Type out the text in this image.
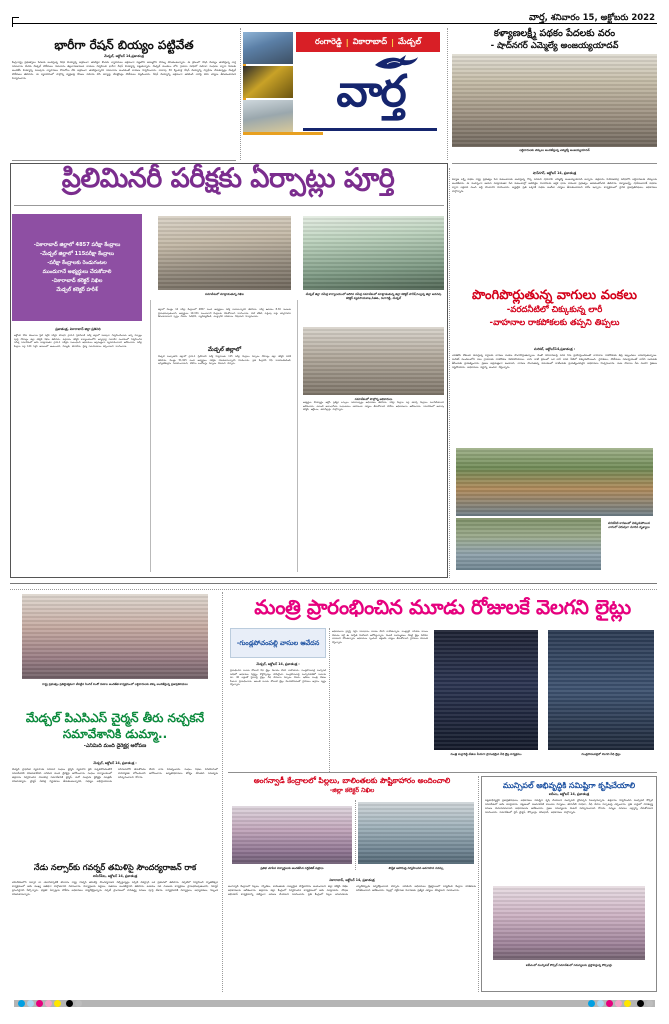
వార్త, శనివారం 15, అక్టోబరు 2022
రంగారెడ్డి | వికారాబాద్ | మేడ్చల్
వార్త
భారీగా రేషన్ బియ్యం పట్టివేత
మేడ్చల్, అక్టోబర్ 14,ప్రజాతంత్ర
కేంద్ర,రాష్ట్ర ప్రభుత్వాలు పేదలకు అందిస్తున్న రేషన్ బియ్యాన్ని అక్రమంగా తరలిస్తూ కొందరు వ్యాపారులు అక్రమంగా పట్టుకొని అమ్ముకొని సొమ్ము చేసుకుంటున్నారు. ఈ క్రమంలో రేషన్ బియ్యం తరలిస్తున్న వార్త సమాచారం మేరకు మేడ్చల్ పోలీసులు గురువారం తెల్లవారుజామున దాడులు నిర్వహించి భారీగా రేషన్ బియ్యాన్ని పట్టుకున్నారు. మేడ్చల్ మండలం లోని గ్రామాల పరిధిలో మహిళా సంఘాల ద్వారా పేదలకు అందజేసే బియ్యాన్ని పలువురు వ్యాపారులు కొనుగోలు చేసి అక్రమంగా తరలిస్తున్నారని సమాచారం అందడంతో దాడులు నిర్వహించారు. దాదాపు 30 క్వింటాళ్ల రేషన్ బియ్యాన్ని స్వాధీనం చేసుకున్నట్లు మేడ్చల్ పోలీసులు తెలిపారు. ఈ వ్యవహారంలో పాల్గొన్న వ్యక్తులపై కేసులు నమోదు చేసి దర్యాప్తు చేపట్టినట్లు పోలీసులు వెల్లడించారు. రేషన్ బియ్యాన్ని అక్రమంగా తరలించే వారిపై కఠిన చర్యలు తీసుకుంటామని హెచ్చరించారు.
కళ్యాణలక్ష్మీ పథకం పేదలకు వరం
- షాద్‌నగర్ ఎమ్మెల్యే అంజయ్యయాదవ్
లబ్ధిదారులకు చెక్కులు అందజేస్తున్న ఎమ్మెల్యే అంజయ్యయాదవ్
ప్రిలిమినరీ పరీక్షకు ఏర్పాట్లు పూర్తి
-వికారాబాద్ జిల్లాలో 4857 పరీక్షా కేంద్రాలు
-మేడ్చల్ జిల్లాలో 115పరీక్షా కేంద్రాలు
-పరీక్షా కేంద్రాలకు రెండుగంటల
ముందుగానే అభ్యర్థులు చేరుకోవాలి
-వికారాబాద్ కలెక్టర్ నిఖిల
మేడ్చల్ కలెక్టర్ హరీశ్
సమావేశంలో మాట్లాడుతున్న నిఖిల	మేడ్చల్ జిల్లా సమీక్ష కార్యాలయంలో జరిగిన సమీక్ష సమావేశంలో మాట్లాడుతున్న జిల్లా కలెక్టర్ హరీశ్,సెల్వన్న జిల్లా అదనపు కలెక్టర్ వ్యవసాయశాఖ,సిఈఓ, రంగారెడ్డి, మేడ్చల్
సమావేశంలో పాల్గొన్న అధికారులు
ప్రజాతంత్ర, వికారాబాద్ జిల్లా ప్రతినిధి
అక్టోబర్ 16న తెలంగాణ స్టేట్ పబ్లిక్ సర్వీస్ కమిషన్ గ్రూప్-1 ప్రిలిమినరీ పరీక్ష జిల్లాలో సజావుగా నిర్వహించేందుకు అన్ని ఏర్పాట్లు పూర్తి చేసినట్లు జిల్లా కలెక్టర్ నిఖిల తెలిపారు. శుక్రవారం కలెక్టర్ కార్యాలయంలోని అన్నపూర్ణ సమావేశ మందిరంలో నిర్వహించిన సమీక్ష సమావేశంలో ఆమె మాట్లాడుతూ గ్రూప్-1 పరీక్షకు సంబంధించి అధికారులు అప్రమత్తంగా వ్యవహరించాలని ఆదేశించారు. పరీక్షా కేంద్రాల వద్ద 144 సెక్షన్ అమలులో ఉంటుందని, విద్యుత్, తాగునీరు, వైద్య సదుపాయాలు కల్పించాలని సూచించారు.
జిల్లాలో మొత్తం 14 పరీక్షా కేంద్రాలలో 4857 మంది అభ్యర్థులు పరీక్ష రాయనున్నారని తెలిపారు. పరీక్ష ఉదయం 8.30 గంటలకు ప్రారంభమవుతుందని, అభ్యర్థులు 10-15ని ముందుగానే కేంద్రాలకు చేరుకోవాలని సూచించారు. హాల్ టికెట్, గుర్తింపు కార్డు తప్పనిసరిగా తీసుకురావాలని స్పష్టం చేశారు. సెల్‌ఫోన్, క్యాలిక్యులేటర్, ఎలక్ట్రానిక్ పరికరాలు నిషేధమని హెచ్చరించారు.
మేడ్చల్ జిల్లాలో
మేడ్చల్ మల్కాజిగిరి జిల్లాలో గ్రూప్-1 ప్రిలిమినరీ పరీక్ష నిర్వహణకు 115 పరీక్షా కేంద్రాలు ఏర్పాటు చేసినట్లు జిల్లా కలెక్టర్ హరీశ్ తెలిపారు. మొత్తం 51,915 మంది అభ్యర్థులు పరీక్షకు హాజరుకానున్నారని వివరించారు. ప్రతి కేంద్రానికి చీఫ్ సూపరింటెండెంట్, ఇన్విజిలేటర్లను నియమించామని, పోలీసు బందోబస్తు ఏర్పాటు చేశామని చెప్పారు.
అభ్యర్థుల సౌకర్యార్థం ఆర్టీసీ ప్రత్యేక బస్సులు నడపనున్నట్లు అధికారులు తెలిపారు. పరీక్షా కేంద్రాల వద్ద జిరాక్స్ కేంద్రాలు మూసివేయాలని ఆదేశించారు. ఎలాంటి అవాంఛనీయ సంఘటనలు జరగకుండా చర్యలు తీసుకోవాలని పోలీసు అధికారులను ఆదేశించారు. సమావేశంలో అదనపు కలెక్టర్, ఆర్డీఓలు, తహసీల్దార్లు పాల్గొన్నారు.
షాద్‌నగర్, అక్టోబర్ 14, ప్రజాతంత్ర
కళ్యాణ లక్ష్మీ పథకం రాష్ట్ర ప్రభుత్వం పేద కుటుంబాలకు అందిస్తున్న గొప్ప వరమని షాద్‌నగర్ ఎమ్మెల్యే అంజయ్యయాదవ్ అన్నారు. శుక్రవారం నియోజకవర్గ పరిధిలోని లబ్ధిదారులకు చెక్కులను అందజేశారు. ఈ సందర్భంగా ఆయన మాట్లాడుతూ పేద కుటుంబాల్లో ఆడబిడ్డల వివాహాలకు ఆర్థిక భారం కాకుండా ప్రభుత్వం ఆదుకుంటోందని తెలిపారు. కళ్యాణలక్ష్మీ, షాదీముబారక్ పథకాల ద్వారా లక్షలాది మంది లబ్ధి పొందారని వివరించారు. అర్హులైన ప్రతి ఒక్కరికీ పథకం అందేలా చర్యలు తీసుకుంటామని హామీ ఇచ్చారు. కార్యక్రమంలో స్థానిక ప్రజాప్రతినిధులు, అధికారులు పాల్గొన్నారు.
పొంగిపొర్లుతున్న వాగులు వంకలు
-వరదనీటిలో చిక్కుకున్న లారీ
-వాహనాల రాకపోకలకు తప్పని తిప్పలు
మరికల్, అక్టోబర్14,ప్రజాతంత్ర :
ఎడతెరిపి లేకుండా కురుస్తున్న వర్షాలకు వాగులు వంకలు పొంగిపొర్లుతున్నాయి. దీంతో రహదారులపై వరద నీరు ప్రవహిస్తుండటంతో వాహనాల రాకపోకలకు తీవ్ర ఇబ్బందులు ఎదురవుతున్నాయి. మరికల్ మండలంలోని పలు గ్రామాలకు రాకపోకలు నిలిచిపోయాయి. వాగు దాటే క్రమంలో ఒక లారీ వరద నీటిలో చిక్కుకుపోయింది. స్థానికులు, పోలీసులు సమన్వయంతో లారీని బయటకు తీసేందుకు ప్రయత్నించారు. ప్రజలు అప్రమత్తంగా ఉండాలని, వాగులు పొంగుతున్న సమయంలో దాటేందుకు ప్రయత్నించవద్దని అధికారులు హెచ్చరించారు. పంట పొలాలు నీట మునిగి రైతులు నష్టపోయారు. అధికారులు నష్టాన్ని అంచనా వేస్తున్నారు.
వరదనీటి కారణంలో చిక్కుకుపోయిన వాగులో చెరువుగా మారిన దృశ్యాలు
రాష్ట్ర ప్రభుత్వం ప్రతిష్టాత్మకంగా చేపట్టిన సింగిల్ విండో రుణాల అందజేత కార్యక్రమంలో లబ్ధిదారులకు చెక్కు అందజేస్తున్న ప్రజాప్రతినిధులు
మేడ్చల్ పిఎసిఎస్ చైర్మన్ తీరు నచ్చకనే
సమావేశానికి డుమ్మా..
-ఎనిమిది మంది డైరెక్టర్ల ఆరోపణ
మేడ్చల్, అక్టోబర్ 14, ప్రజాతంత్ర :
మేడ్చల్ ప్రాథమిక వ్యవసాయ సహకార సంఘం చైర్మన్ వ్యవహార శైలి నచ్చకపోవడంతోనే సమావేశానికి హాజరుకాలేదని ఎనిమిది మంది డైరెక్టర్లు ఆరోపించారు. సంఘం కార్యాలయంలో శుక్రవారం నిర్వహించిన పాలకవర్గ సమావేశానికి చైర్మన్, మరో ముగ్గురు డైరెక్టర్లు మాత్రమే హాజరయ్యారు. చైర్మన్ ఏకపక్ష నిర్ణయాలు తీసుకుంటున్నారని, సభ్యుల అభిప్రాయాలను పరిగణనలోకి తీసుకోవడం లేదని వారు విమర్శించారు. సంఘం నిధుల వినియోగంలో పారదర్శకత లోపించిందని ఆరోపించారు. ఉన్నతాధికారులు జోక్యం చేసుకుని సమస్యను పరిష్కరించాలని కోరారు.
నేడు నల్సార్‌కు గవర్నర్ తమిళిసై సౌందర్యరాజన్ రాక
శామీర్‌పేట, అక్టోబర్ 14, ప్రజాతంత్ర
శామీర్‌పేటలోని నల్సార్ లా యూనివర్సిటీకి శనివారం రాష్ట్ర గవర్నర్ తమిళిసై సౌందర్యరాజన్ విచ్చేస్తున్నట్లు వర్సిటీ రిజిస్ట్రార్ ఒక ప్రకటనలో తెలిపారు. వర్సిటీలో నిర్వహించే స్నాతకోత్సవ కార్యక్రమంలో ఆమె ముఖ్య అతిథిగా పాల్గొంటారని వివరించారు. విద్యార్థులకు పట్టాలు, పతకాలు అందజేస్తారని తెలిపారు. ఉదయం పది గంటలకు కార్యక్రమం ప్రారంభమవుతుందని, గవర్నర్ ప్రసంగిస్తారని పేర్కొన్నారు. భద్రతా ఏర్పాట్లను పోలీసు అధికారులు పర్యవేక్షిస్తున్నారు. వర్సిటీ ప్రాంగణంలో పారిశుద్ధ్య పనులు పూర్తి చేశారు. కార్యక్రమానికి విద్యార్థులు, అధ్యాపకులు, సిబ్బంది హాజరుకానున్నారు.
మంత్రి ప్రారంభించిన మూడు రోజులకే వెలగని లైట్లు
-గుండ్లపోచంపల్లి వాసుల ఆవేదన
మేడ్చల్, అక్టోబర్ 14, ప్రజాతంత్ర :
ప్రారంభించిన మూడు రోజులకే వీధి లైట్లు వెలగడం లేదని వాపోయారు. గుండ్లపోచంపల్లి మున్సిపల్ పరిధిలో అధికారుల నిర్లక్ష్యం కొట్టొచ్చినట్లు కనిపిస్తోంది. గుండ్లపోచంపల్లి మున్సిపాలిటీలో సుమారు రూ. 40 లక్షలతో హైమాస్ట్ లైట్లు, వీధి దీపాలను ఏర్పాటు చేశారు. ఇటీవల మంత్రి చేతుల మీదుగా ప్రారంభించారు. అయితే మూడు రోజులకే లైట్లు వెలగకపోవడంతో స్థానికులు ఆగ్రహం వ్యక్తం చేస్తున్నారు.
అధికారులను ప్రశ్నిస్తే సరైన సమాధానం రావడం లేదని వాపోతున్నారు. కాంట్రాక్టర్ నాసిరకం పనులు చేయడం వల్లే ఈ పరిస్థితి నెలకొందని ఆరోపిస్తున్నారు. వెంటనే మరమ్మతులు చేపట్టి లైట్లు వెలిగేలా చూడాలని కోరుతున్నారు. అధికారులు స్పందించి తక్షణమే చర్యలు తీసుకోవాలని స్థానికులు డిమాండ్ చేస్తున్నారు.
మంత్రి మల్లారెడ్డి చేతుల మీదుగా ప్రారంభమైన వీధి లైట్ల కార్యక్రమం	గుండ్లపోచంపల్లిలో వెలగని వీధి లైట్లు
అంగన్వాడీ కేంద్రాలలో పిల్లలు, బాలింతలకు పౌష్టికాహారం అందించాలి
-జిల్లా కలెక్టర్ నిఖిల
ప్రతిభ చూపిన విద్యార్థులకు అందజేసిన సర్టిఫికెట్ పత్రాలు	పౌష్టిక ఆహారంపై నిర్వహించిన అవగాహన సదస్సు
వికారాబాద్, అక్టోబర్ 14, ప్రజాతంత్ర
అంగన్వాడీ కేంద్రాలలో పిల్లలు, గర్భిణీలు, బాలింతలకు నాణ్యమైన పౌష్టికాహారం అందించాలని జిల్లా కలెక్టర్ నిఖిల అధికారులను ఆదేశించారు. శుక్రవారం జిల్లా కేంద్రంలో నిర్వహించిన కార్యక్రమంలో ఆమె మాట్లాడారు. పోషణ అభియాన్ కార్యక్రమాన్ని పటిష్టంగా అమలు చేయాలని సూచించారు. ప్రతి కేంద్రంలో పిల్లల ఎదుగుదలను ఎప్పటికప్పుడు పర్యవేక్షించాలని చెప్పారు. ఐసీడీఎస్ అధికారులు క్షేత్రస్థాయిలో పర్యటించి కేంద్రాల పనితీరును పరిశీలించాలని ఆదేశించారు. పిల్లల్లో రక్తహీనత నివారణకు ప్రత్యేక చర్యలు చేపట్టాలని సూచించారు.
మున్సిపల్ అభివృద్ధికి సమిష్టిగా కృషిచేయాలి
ఐబీఎం, అక్టోబర్ 14, ప్రజాతంత్ర
పట్టణాభివృద్ధికి ప్రజాప్రతినిధులు, అధికారులు సమిష్టిగా కృషి చేయాలని మున్సిపల్ చైర్‌పర్సన్ పిలుపునిచ్చారు. శుక్రవారం నిర్వహించిన మున్సిపల్ కౌన్సిల్ సమావేశంలో ఆమె మాట్లాడారు. పట్టణంలో మురుగునీటి కాలువల నిర్మాణం, తాగునీటి సరఫరా, వీధి దీపాల ఏర్పాటుపై చర్చించారు. ప్రతి వార్డులో పారిశుద్ధ్య పనులు మెరుగుపరచాలని అధికారులను ఆదేశించారు. ప్రజల సమస్యలను వెంటనే పరిష్కరించాలని కోరారు. పన్నుల వసూలు లక్ష్యాన్ని చేరుకోవాలని సూచించారు. సమావేశంలో వైస్ చైర్మన్, కౌన్సిలర్లు, కమిషనర్, అధికారులు పాల్గొన్నారు.
ఐబీఎంలో మున్సిపల్ కౌన్సిల్ సమావేశంలో సమస్యలను ప్రస్తావిస్తున్న కౌన్సిలర్లు
